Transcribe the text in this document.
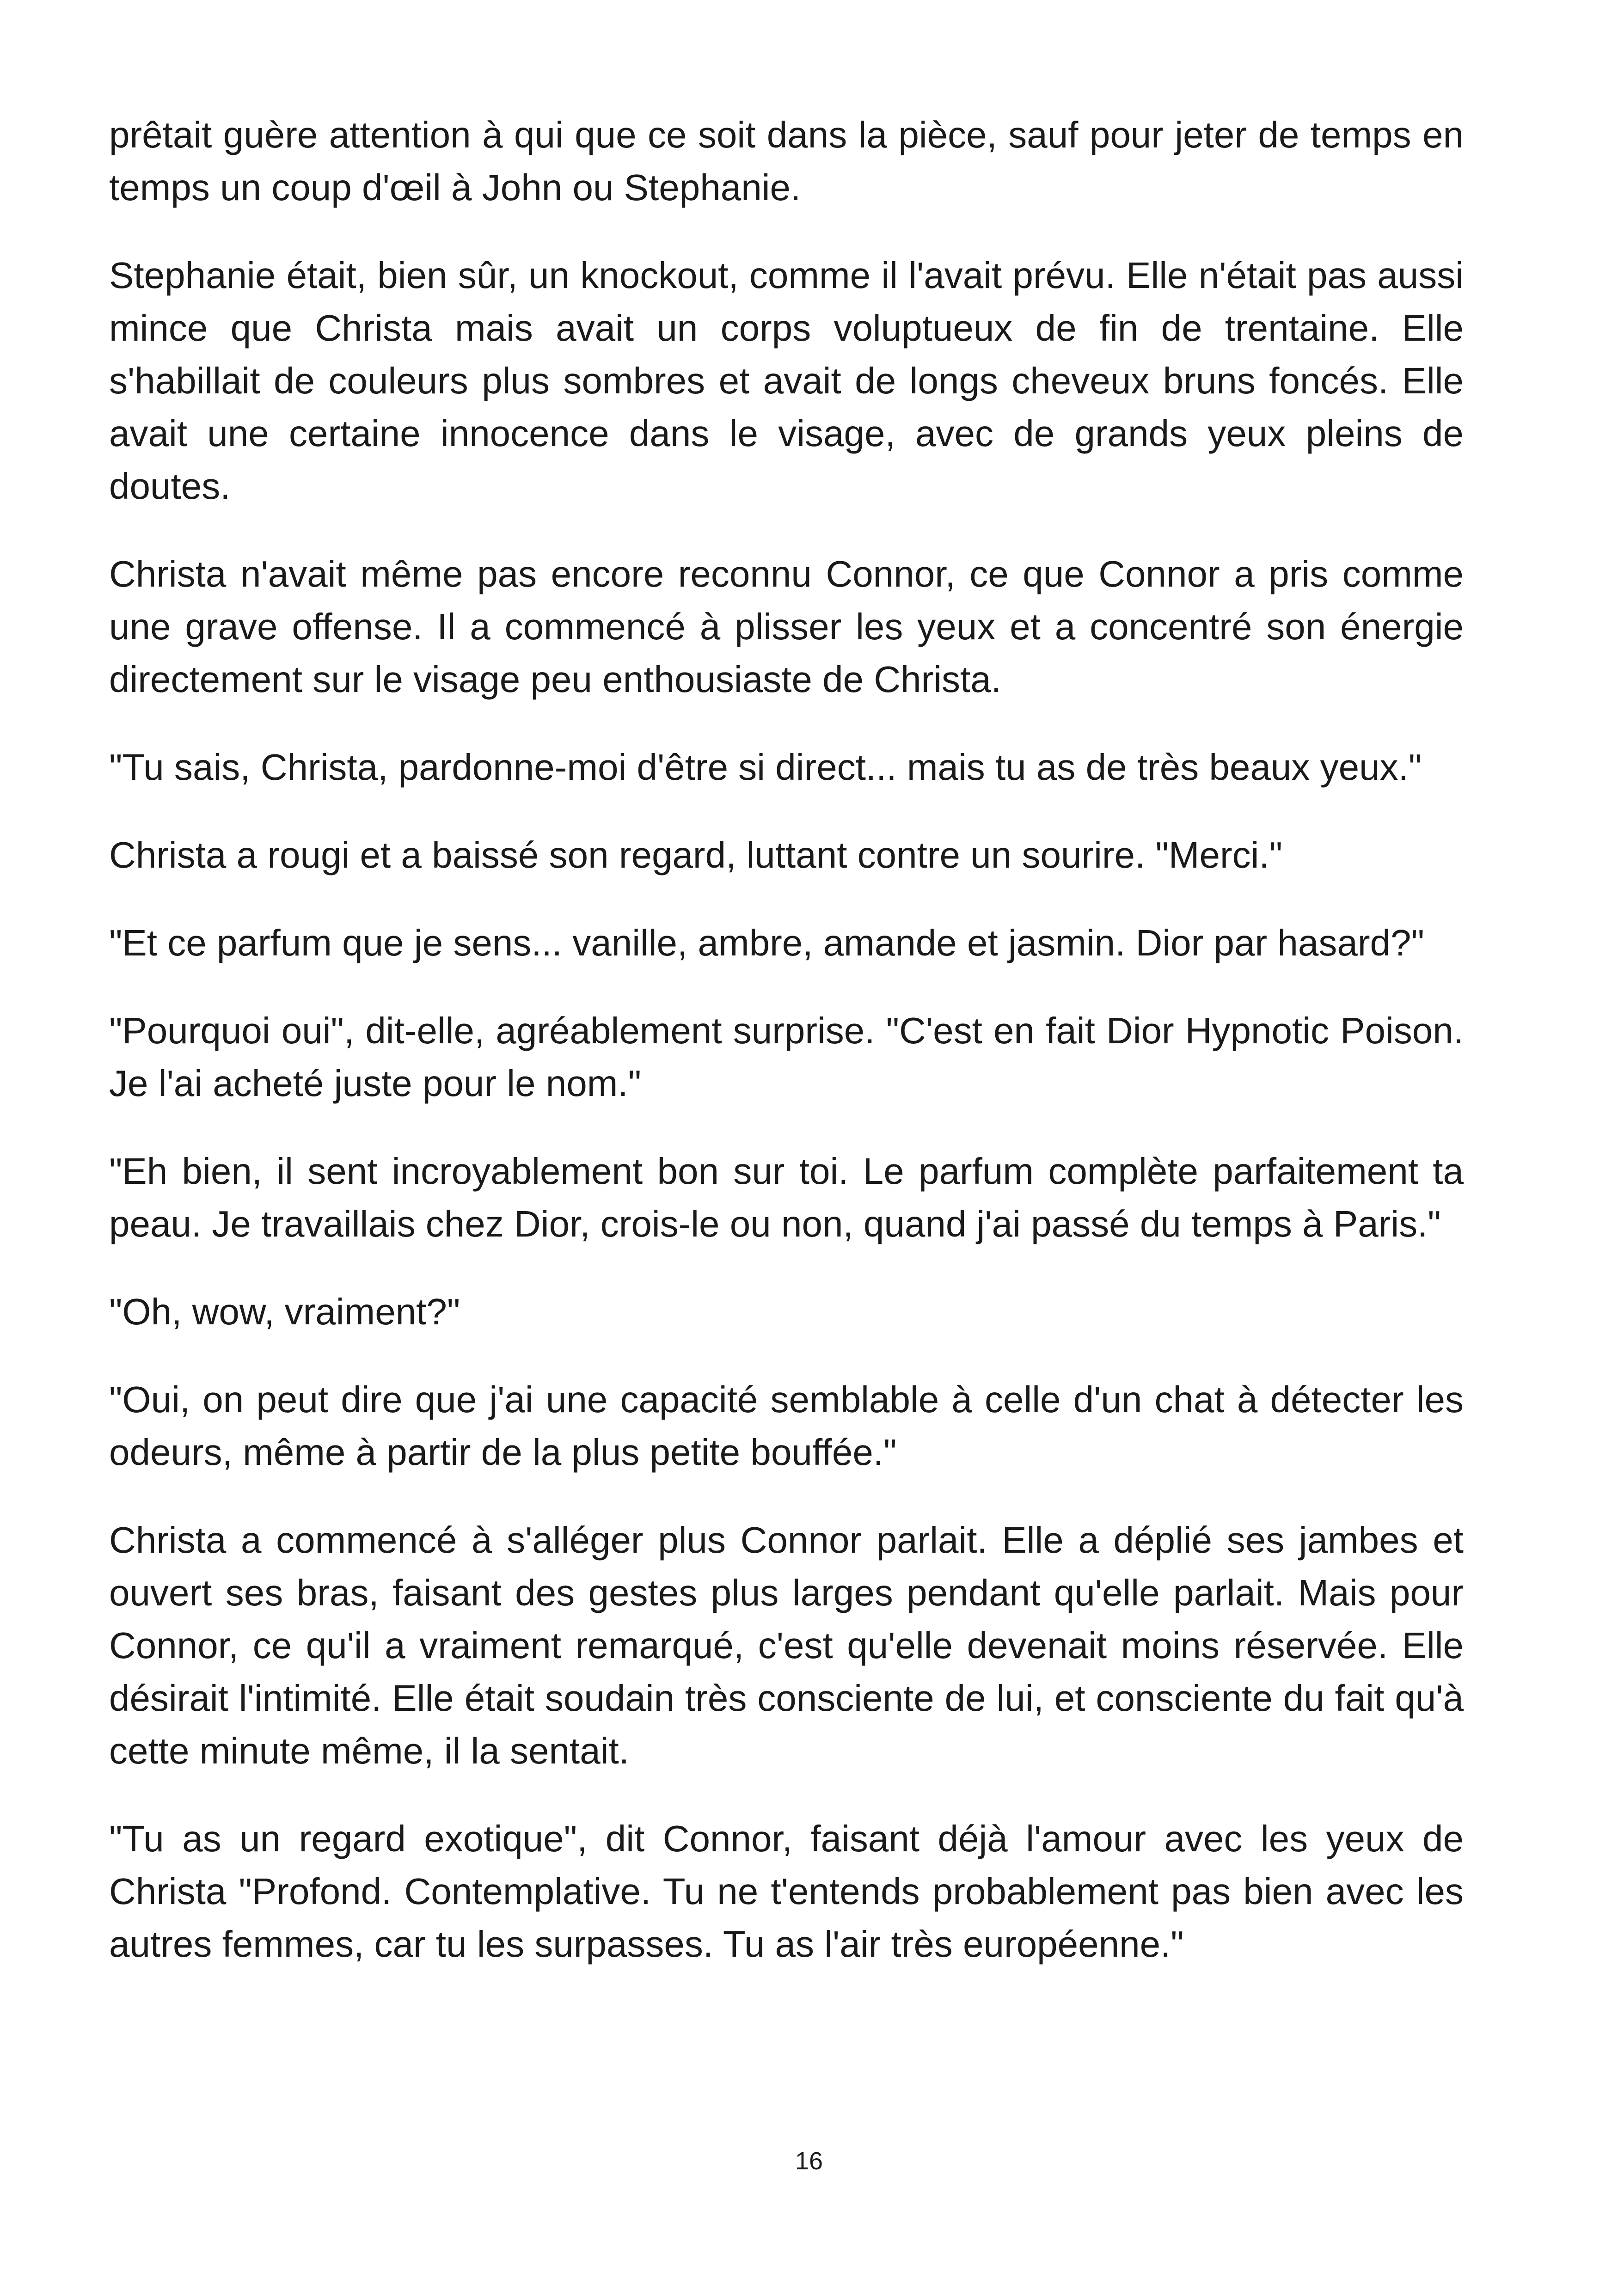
prêtait guère attention à qui que ce soit dans la pièce, sauf pour jeter de temps en temps un coup d'œil à John ou Stephanie.

Stephanie était, bien sûr, un knockout, comme il l'avait prévu. Elle n'était pas aussi mince que Christa mais avait un corps voluptueux de fin de trentaine. Elle s'habillait de couleurs plus sombres et avait de longs cheveux bruns foncés. Elle avait une certaine innocence dans le visage, avec de grands yeux pleins de doutes.

Christa n'avait même pas encore reconnu Connor, ce que Connor a pris comme une grave offense. Il a commencé à plisser les yeux et a concentré son énergie directement sur le visage peu enthousiaste de Christa.

"Tu sais, Christa, pardonne-moi d'être si direct... mais tu as de très beaux yeux."

Christa a rougi et a baissé son regard, luttant contre un sourire. "Merci."

"Et ce parfum que je sens... vanille, ambre, amande et jasmin. Dior par hasard?"

"Pourquoi oui", dit-elle, agréablement surprise. "C'est en fait Dior Hypnotic Poison. Je l'ai acheté juste pour le nom."

"Eh bien, il sent incroyablement bon sur toi. Le parfum complète parfaitement ta peau. Je travaillais chez Dior, crois-le ou non, quand j'ai passé du temps à Paris."

"Oh, wow, vraiment?"

"Oui, on peut dire que j'ai une capacité semblable à celle d'un chat à détecter les odeurs, même à partir de la plus petite bouffée."

Christa a commencé à s'alléger plus Connor parlait. Elle a déplié ses jambes et ouvert ses bras, faisant des gestes plus larges pendant qu'elle parlait. Mais pour Connor, ce qu'il a vraiment remarqué, c'est qu'elle devenait moins réservée. Elle désirait l'intimité. Elle était soudain très consciente de lui, et consciente du fait qu'à cette minute même, il la sentait.

"Tu as un regard exotique", dit Connor, faisant déjà l'amour avec les yeux de Christa "Profond. Contemplative. Tu ne t'entends probablement pas bien avec les autres femmes, car tu les surpasses. Tu as l'air très européenne."

16
